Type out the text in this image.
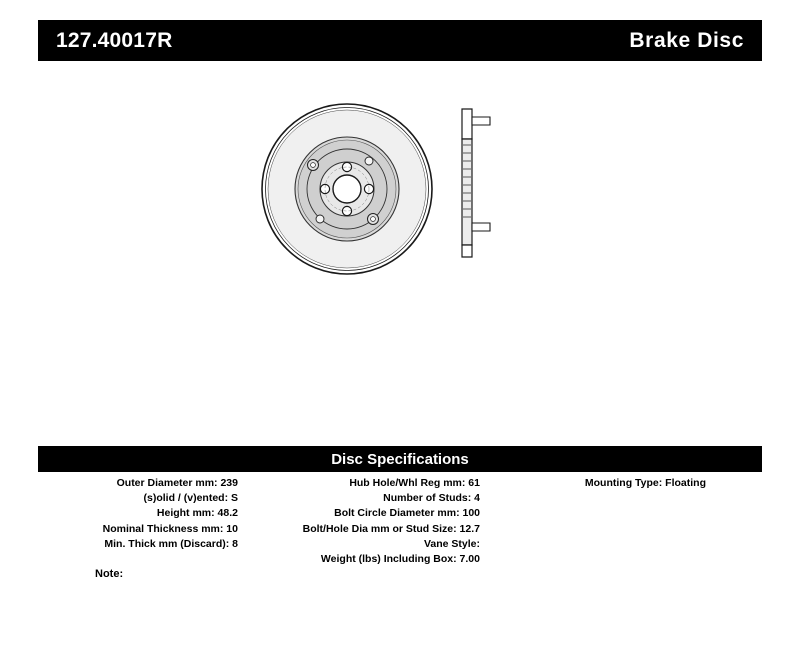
127.40017R	Brake Disc
Disc Specifications
Outer Diameter mm: 239
(s)olid / (v)ented: S
Height mm: 48.2
Nominal Thickness mm: 10
Min. Thick mm (Discard): 8
Hub Hole/Whl Reg mm: 61
Number of Studs: 4
Bolt Circle Diameter mm: 100
Bolt/Hole Dia mm or Stud Size: 12.7
Vane Style:
Weight (lbs) Including Box: 7.00
Mounting Type: Floating
Note:
